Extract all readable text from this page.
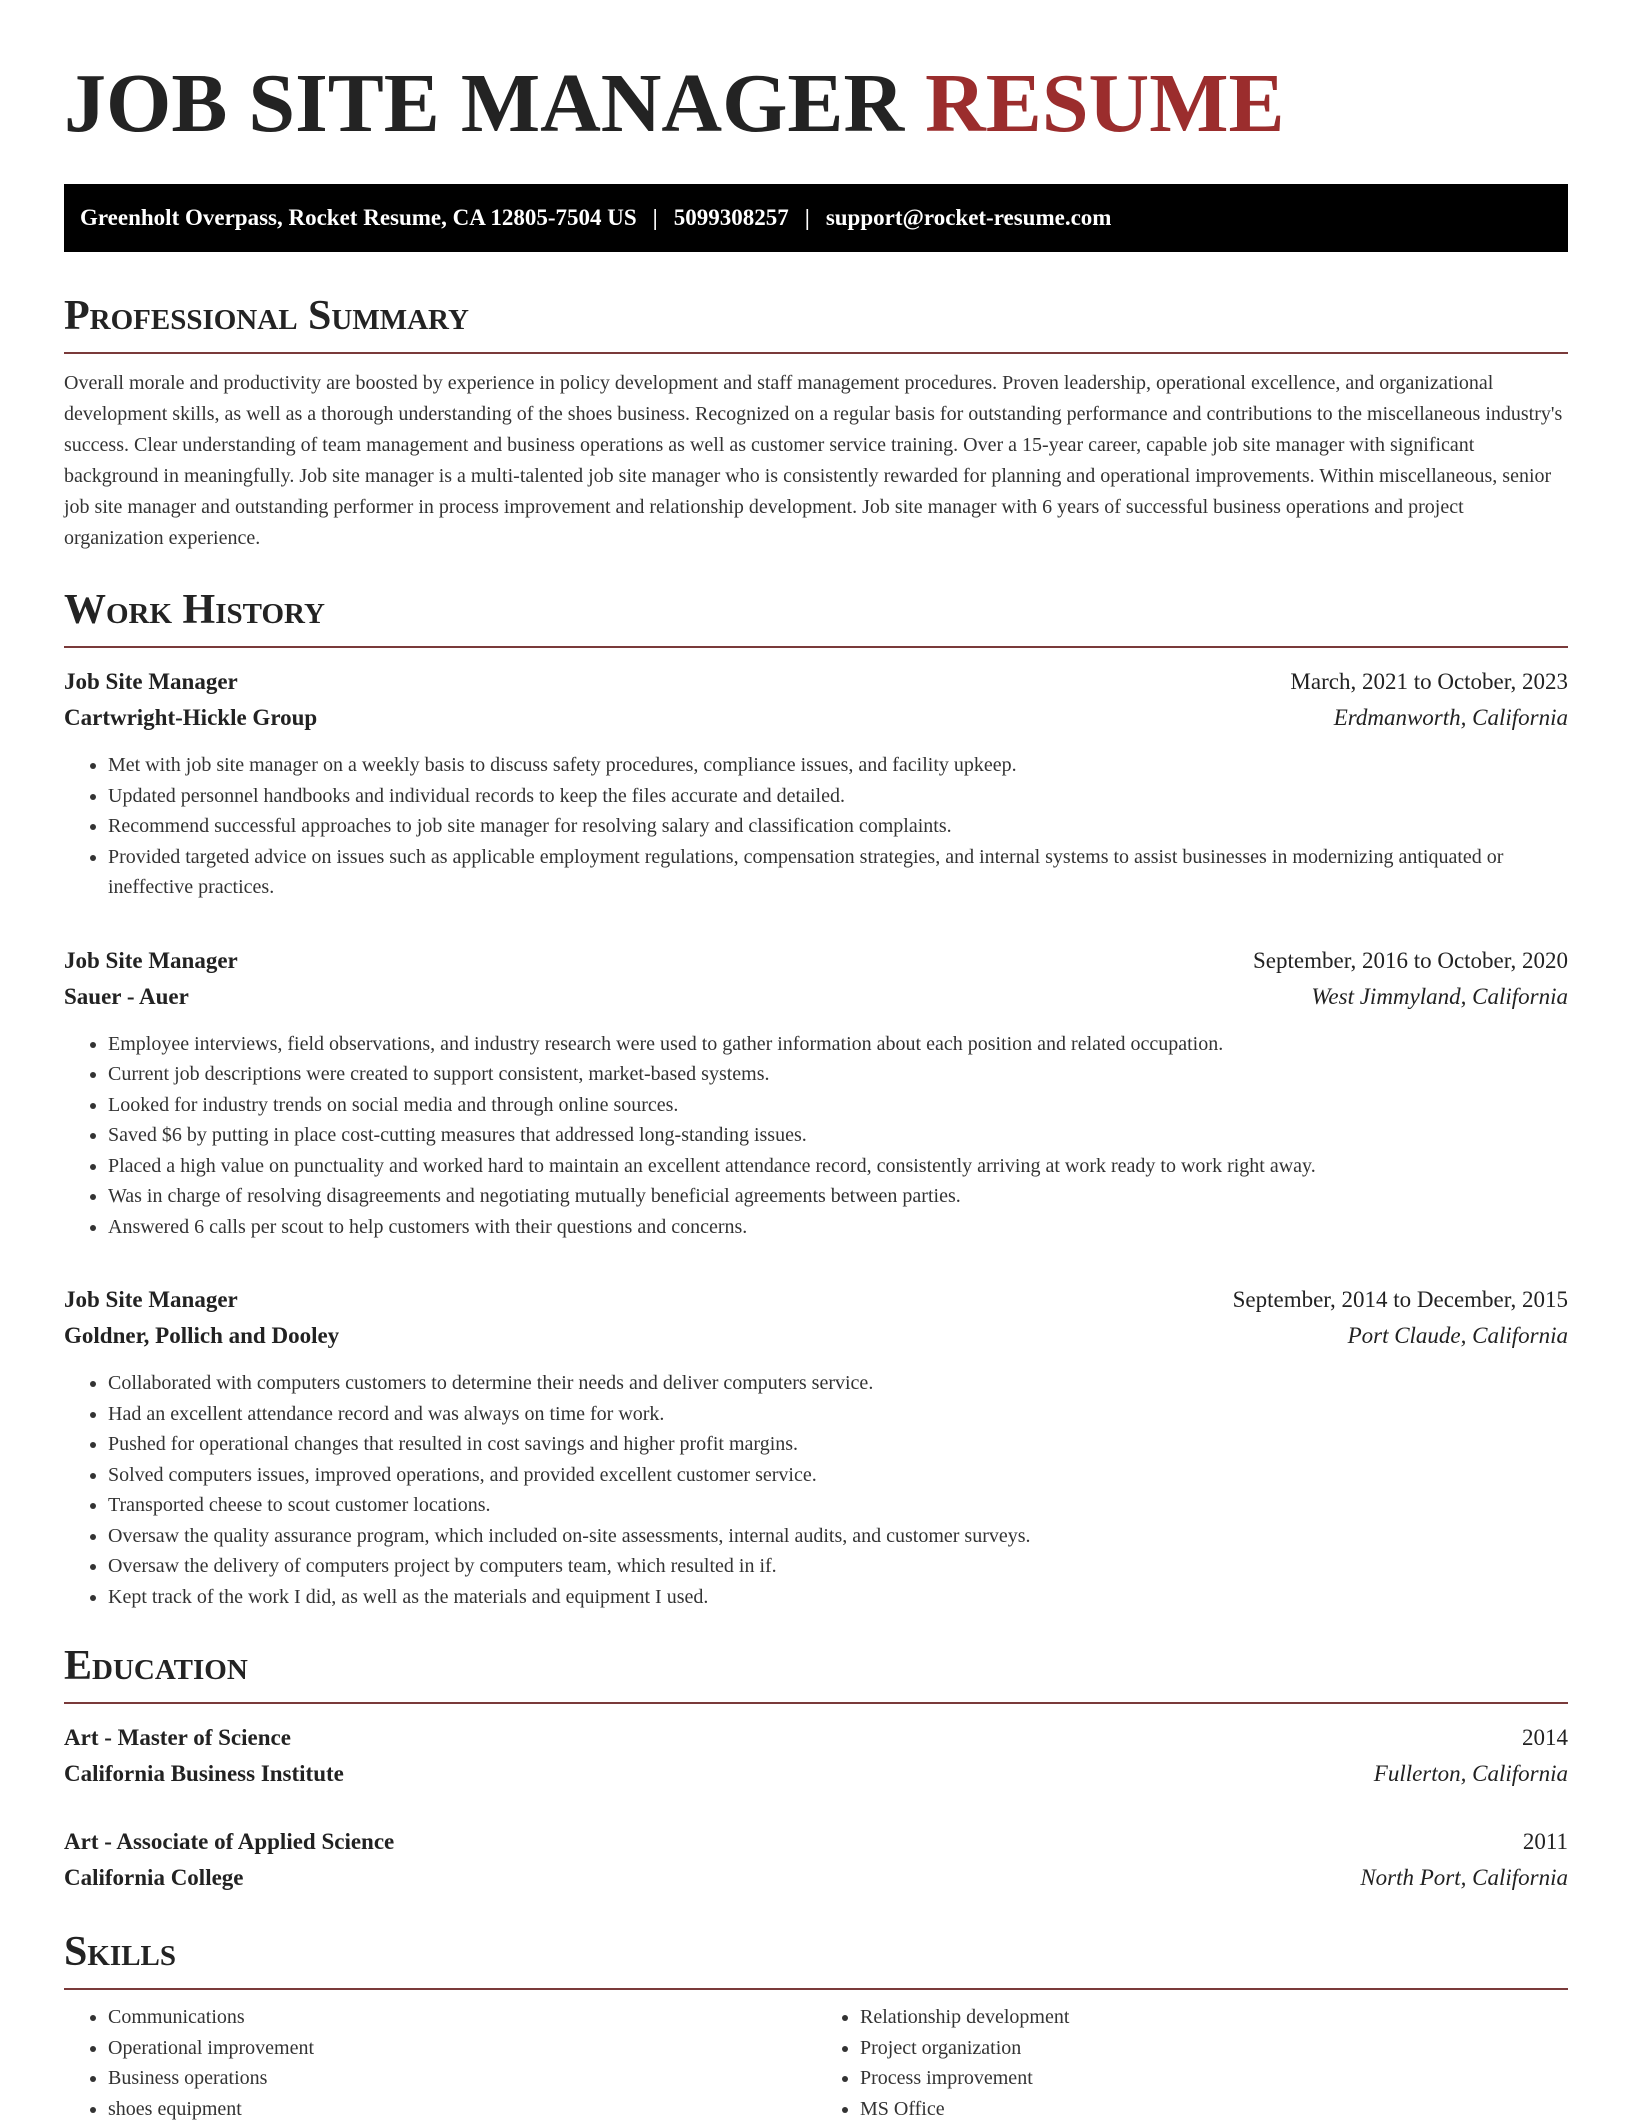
JOB SITE MANAGER RESUME
Greenholt Overpass, Rocket Resume, CA 12805-7504 US | 5099308257 | support@rocket-resume.com
Professional Summary

Overall morale and productivity are boosted by experience in policy development and staff management procedures. Proven leadership, operational excellence, and organizational development skills, as well as a thorough understanding of the shoes business. Recognized on a regular basis for outstanding performance and contributions to the miscellaneous industry's success. Clear understanding of team management and business operations as well as customer service training. Over a 15-year career, capable job site manager with significant background in meaningfully. Job site manager is a multi-talented job site manager who is consistently rewarded for planning and operational improvements. Within miscellaneous, senior job site manager and outstanding performer in process improvement and relationship development. Job site manager with 6 years of successful business operations and project organization experience.

Work History
Job Site Manager	March, 2021 to October, 2023
Cartwright-Hickle Group	Erdmanworth, California
• Met with job site manager on a weekly basis to discuss safety procedures, compliance issues, and facility upkeep.
• Updated personnel handbooks and individual records to keep the files accurate and detailed.
• Recommend successful approaches to job site manager for resolving salary and classification complaints.
• Provided targeted advice on issues such as applicable employment regulations, compensation strategies, and internal systems to assist businesses in modernizing antiquated or ineffective practices.
Job Site Manager	September, 2016 to October, 2020
Sauer - Auer	West Jimmyland, California
• Employee interviews, field observations, and industry research were used to gather information about each position and related occupation.
• Current job descriptions were created to support consistent, market-based systems.
• Looked for industry trends on social media and through online sources.
• Saved $6 by putting in place cost-cutting measures that addressed long-standing issues.
• Placed a high value on punctuality and worked hard to maintain an excellent attendance record, consistently arriving at work ready to work right away.
• Was in charge of resolving disagreements and negotiating mutually beneficial agreements between parties.
• Answered 6 calls per scout to help customers with their questions and concerns.
Job Site Manager	September, 2014 to December, 2015
Goldner, Pollich and Dooley	Port Claude, California
• Collaborated with computers customers to determine their needs and deliver computers service.
• Had an excellent attendance record and was always on time for work.
• Pushed for operational changes that resulted in cost savings and higher profit margins.
• Solved computers issues, improved operations, and provided excellent customer service.
• Transported cheese to scout customer locations.
• Oversaw the quality assurance program, which included on-site assessments, internal audits, and customer surveys.
• Oversaw the delivery of computers project by computers team, which resulted in if.
• Kept track of the work I did, as well as the materials and equipment I used.
Education
Art - Master of Science	2014
California Business Institute	Fullerton, California
Art - Associate of Applied Science	2011
California College	North Port, California
Skills
• Communications
• Operational improvement
• Business operations
• shoes equipment
• Relationship development
• Project organization
• Process improvement
• MS Office
